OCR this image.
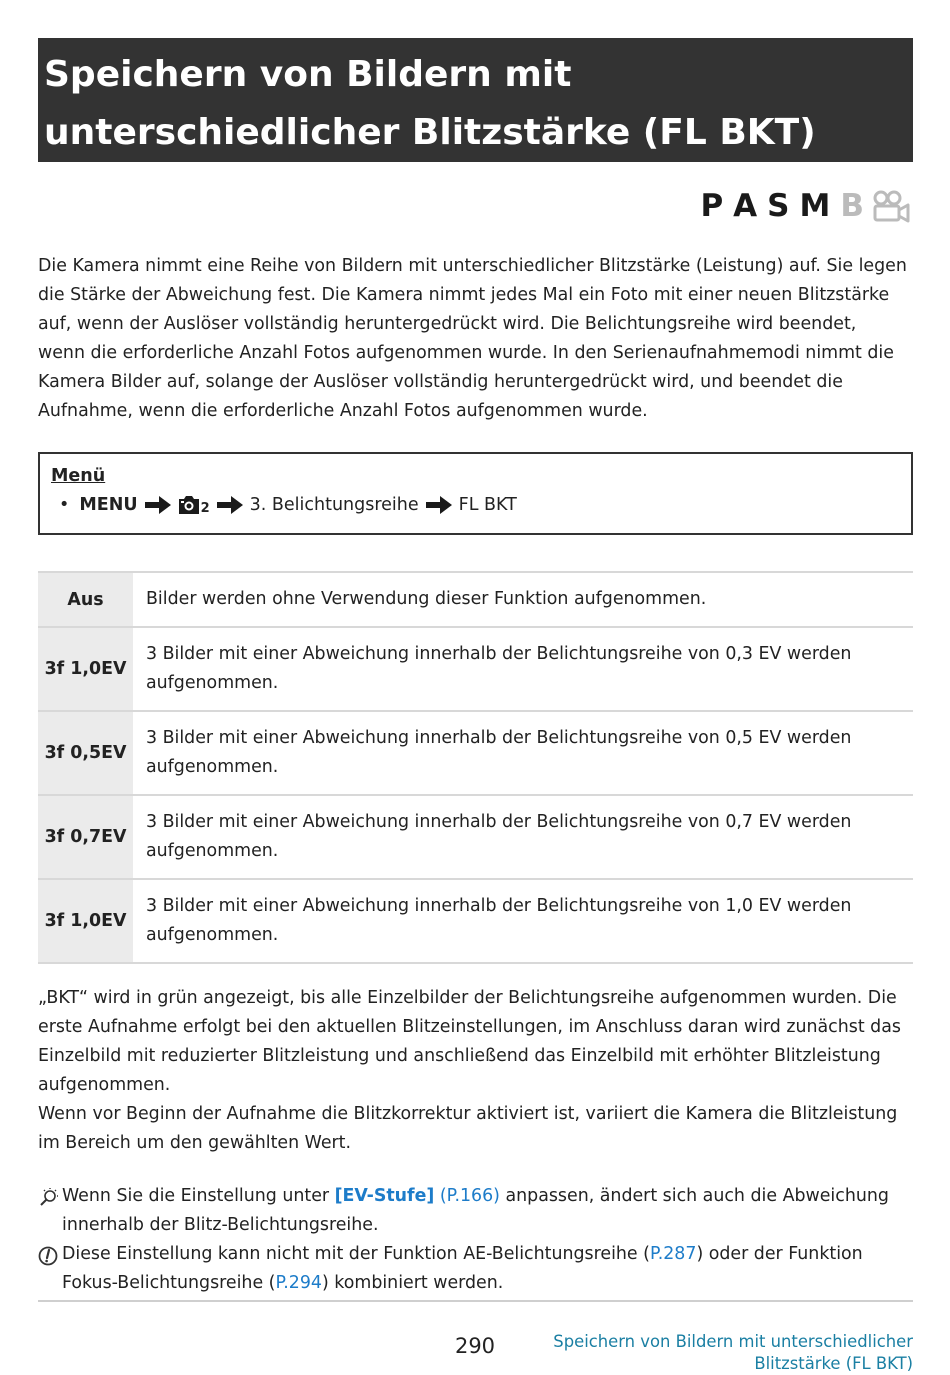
Speichern von Bildern mit unterschiedlicher Blitzstärke (FL BKT)
P A S M B

Die Kamera nimmt eine Reihe von Bildern mit unterschiedlicher Blitzstärke (Leistung) auf. Sie legen die Stärke der Abweichung fest. Die Kamera nimmt jedes Mal ein Foto mit einer neuen Blitzstärke auf, wenn der Auslöser vollständig heruntergedrückt wird. Die Belichtungsreihe wird beendet, wenn die erforderliche Anzahl Fotos aufgenommen wurde. In den Serienaufnahmemodi nimmt die Kamera Bilder auf, solange der Auslöser vollständig heruntergedrückt wird, und beendet die Aufnahme, wenn die erforderliche Anzahl Fotos aufgenommen wurde.

Menü
• MENU	$_2$ 3. Belichtungsreihe FL BKT
Aus	Bilder werden ohne Verwendung dieser Funktion aufgenommen.
3f 1,0EV	3 Bilder mit einer Abweichung innerhalb der Belichtungsreihe von 0,3 EV werden aufgenommen.
3f 0,5EV	3 Bilder mit einer Abweichung innerhalb der Belichtungsreihe von 0,5 EV werden aufgenommen.
3f 0,7EV	3 Bilder mit einer Abweichung innerhalb der Belichtungsreihe von 0,7 EV werden aufgenommen.
3f 1,0EV	3 Bilder mit einer Abweichung innerhalb der Belichtungsreihe von 1,0 EV werden aufgenommen.

„BKT“ wird in grün angezeigt, bis alle Einzelbilder der Belichtungsreihe aufgenommen wurden. Die erste Aufnahme erfolgt bei den aktuellen Blitzeinstellungen, im Anschluss daran wird zunächst das Einzelbild mit reduzierter Blitzleistung und anschließend das Einzelbild mit erhöhter Blitzleistung aufgenommen.

Wenn vor Beginn der Aufnahme die Blitzkorrektur aktiviert ist, variiert die Kamera die Blitzleistung im Bereich um den gewählten Wert.

Wenn Sie die Einstellung unter [EV-Stufe] (P.166) anpassen, ändert sich auch die Abweichung innerhalb der Blitz-Belichtungsreihe.
Diese Einstellung kann nicht mit der Funktion AE-Belichtungsreihe (P.287) oder der Funktion Fokus-Belichtungsreihe (P.294) kombiniert werden.
290	Speichern von Bildern mit unterschiedlicher Blitzstärke (FL BKT)
